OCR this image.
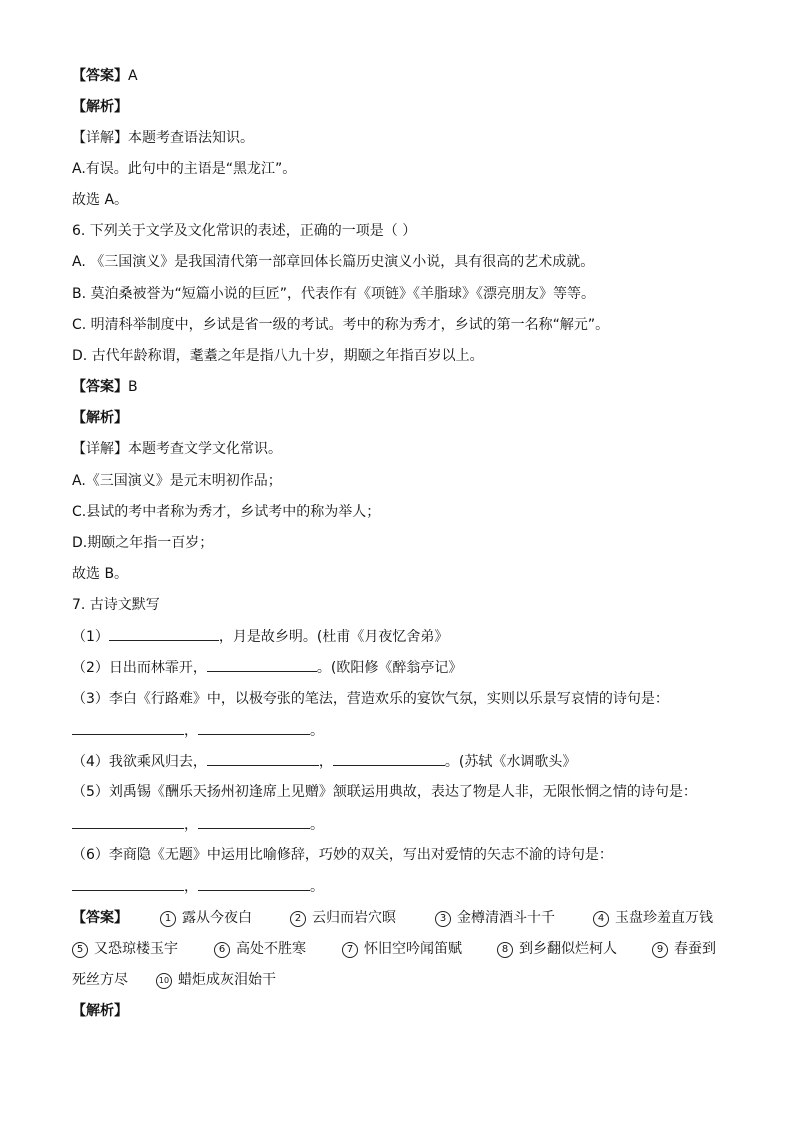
【答案】A
【解析】
【详解】本题考查语法知识。
A.有误。此句中的主语是“黑龙江”。
故选 A。
6. 下列关于文学及文化常识的表述，正确的一项是（ ）
A. 《三国演义》是我国清代第一部章回体长篇历史演义小说，具有很高的艺术成就。
B. 莫泊桑被誉为“短篇小说的巨匠”，代表作有《项链》《羊脂球》《漂亮朋友》等等。
C. 明清科举制度中，乡试是省一级的考试。考中的称为秀才，乡试的第一名称“解元”。
D. 古代年龄称谓，耄耋之年是指八九十岁，期颐之年指百岁以上。
【答案】B
【解析】
【详解】本题考查文学文化常识。
A.《三国演义》是元末明初作品；
C.县试的考中者称为秀才，乡试考中的称为举人；
D.期颐之年指一百岁；
故选 B。
7. 古诗文默写
（1）	，月是故乡明。(杜甫《月夜忆舍弟》
（2）日出而林霏开，	。(欧阳修《醉翁亭记》
（3）李白《行路难》中，以极夸张的笔法，营造欢乐的宴饮气氛，实则以乐景写哀情的诗句是：
，	。
（4）我欲乘风归去，	，	。(苏轼《水调歌头》
（5）刘禹锡《酬乐天扬州初逢席上见赠》颔联运用典故，表达了物是人非，无限怅惘之情的诗句是：
，	。
（6）李商隐《无题》中运用比喻修辞，巧妙的双关，写出对爱情的矢志不渝的诗句是：
，	。
【答案】	1 露从今夜白	2 云归而岩穴暝	3 金樽清酒斗十千	4 玉盘珍羞直万钱
5 又恐琼楼玉宇	6 高处不胜寒	7 怀旧空吟闻笛赋	8 到乡翻似烂柯人	9 春蚕到
死丝方尽	10 蜡炬成灰泪始干
【解析】
